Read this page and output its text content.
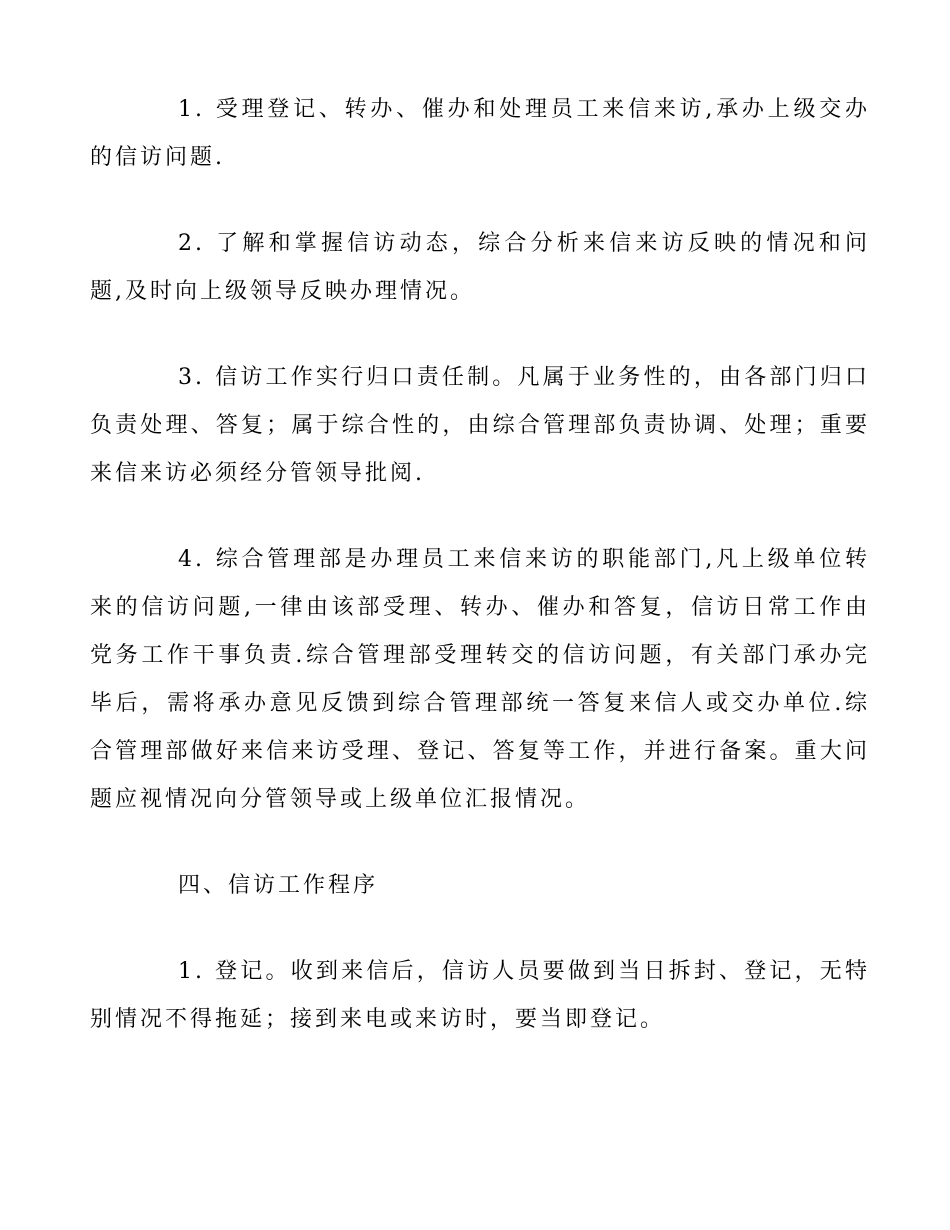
1. 受理登记、转办、催办和处理员工来信来访,承办上级交办的信访问题.

2. 了解和掌握信访动态，综合分析来信来访反映的情况和问题,及时向上级领导反映办理情况。

3. 信访工作实行归口责任制。凡属于业务性的，由各部门归口负责处理、答复；属于综合性的，由综合管理部负责协调、处理；重要来信来访必须经分管领导批阅.

4. 综合管理部是办理员工来信来访的职能部门,凡上级单位转来的信访问题,一律由该部受理、转办、催办和答复，信访日常工作由党务工作干事负责.综合管理部受理转交的信访问题，有关部门承办完毕后，需将承办意见反馈到综合管理部统一答复来信人或交办单位.综合管理部做好来信来访受理、登记、答复等工作，并进行备案。重大问题应视情况向分管领导或上级单位汇报情况。

四、信访工作程序

1. 登记。收到来信后，信访人员要做到当日拆封、登记，无特别情况不得拖延；接到来电或来访时，要当即登记。
